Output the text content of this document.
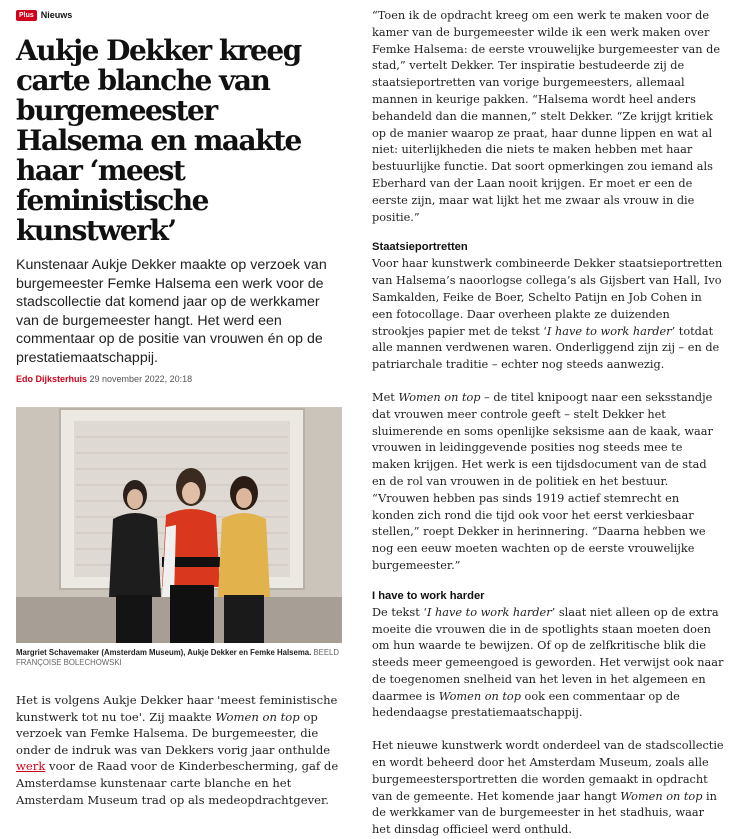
Plus Nieuws
Aukje Dekker kreeg carte blanche van burgemeester Halsema en maakte haar ‘meest feministische kunstwerk’

Kunstenaar Aukje Dekker maakte op verzoek van burgemeester Femke Halsema een werk voor de stadscollectie dat komend jaar op de werkkamer van de burgemeester hangt. Het werd een commentaar op de positie van vrouwen én op de prestatiemaatschappij.

Edo Dijksterhuis 29 november 2022, 20:18
Margriet Schavemaker (Amsterdam Museum), Aukje Dekker en Femke Halsema. BEELD FRANÇOISE BOLECHOWSKI

Het is volgens Aukje Dekker haar 'meest feministische kunstwerk tot nu toe'. Zij maakte Women on top op verzoek van Femke Halsema. De burgemeester, die onder de indruk was van Dekkers vorig jaar onthulde werk voor de Raad voor de Kinderbescherming, gaf de Amsterdamse kunstenaar carte blanche en het Amsterdam Museum trad op als medeopdrachtgever.

“Toen ik de opdracht kreeg om een werk te maken voor de kamer van de burgemeester wilde ik een werk maken over Femke Halsema: de eerste vrouwelijke burgemeester van de stad,” vertelt Dekker. Ter inspiratie bestudeerde zij de staatsieportretten van vorige burgemeesters, allemaal mannen in keurige pakken. “Halsema wordt heel anders behandeld dan die mannen,” stelt Dekker. “Ze krijgt kritiek op de manier waarop ze praat, haar dunne lippen en wat al niet: uiterlijkheden die niets te maken hebben met haar bestuurlijke functie. Dat soort opmerkingen zou iemand als Eberhard van der Laan nooit krijgen. Er moet er een de eerste zijn, maar wat lijkt het me zwaar als vrouw in die positie.”

Staatsieportretten

Voor haar kunstwerk combineerde Dekker staatsieportretten van Halsema’s naoorlogse collega’s als Gijsbert van Hall, Ivo Samkalden, Feike de Boer, Schelto Patijn en Job Cohen in een fotocollage. Daar overheen plakte ze duizenden strookjes papier met de tekst ‘I have to work harder’ totdat alle mannen verdwenen waren. Onderliggend zijn zij – en de patriarchale traditie – echter nog steeds aanwezig.

Met Women on top – de titel knipoogt naar een seksstandje dat vrouwen meer controle geeft – stelt Dekker het sluimerende en soms openlijke seksisme aan de kaak, waar vrouwen in leidinggevende posities nog steeds mee te maken krijgen. Het werk is een tijdsdocument van de stad en de rol van vrouwen in de politiek en het bestuur. “Vrouwen hebben pas sinds 1919 actief stemrecht en konden zich rond die tijd ook voor het eerst verkiesbaar stellen,” roept Dekker in herinnering. “Daarna hebben we nog een eeuw moeten wachten op de eerste vrouwelijke burgemeester.”

I have to work harder

De tekst ‘I have to work harder’ slaat niet alleen op de extra moeite die vrouwen die in de spotlights staan moeten doen om hun waarde te bewijzen. Of op de zelfkritische blik die steeds meer gemeengoed is geworden. Het verwijst ook naar de toegenomen snelheid van het leven in het algemeen en daarmee is Women on top ook een commentaar op de hedendaagse prestatiemaatschappij.

Het nieuwe kunstwerk wordt onderdeel van de stadscollectie en wordt beheerd door het Amsterdam Museum, zoals alle burgemeestersportretten die worden gemaakt in opdracht van de gemeente. Het komende jaar hangt Women on top in de werkkamer van de burgemeester in het stadhuis, waar het dinsdag officieel werd onthuld.
